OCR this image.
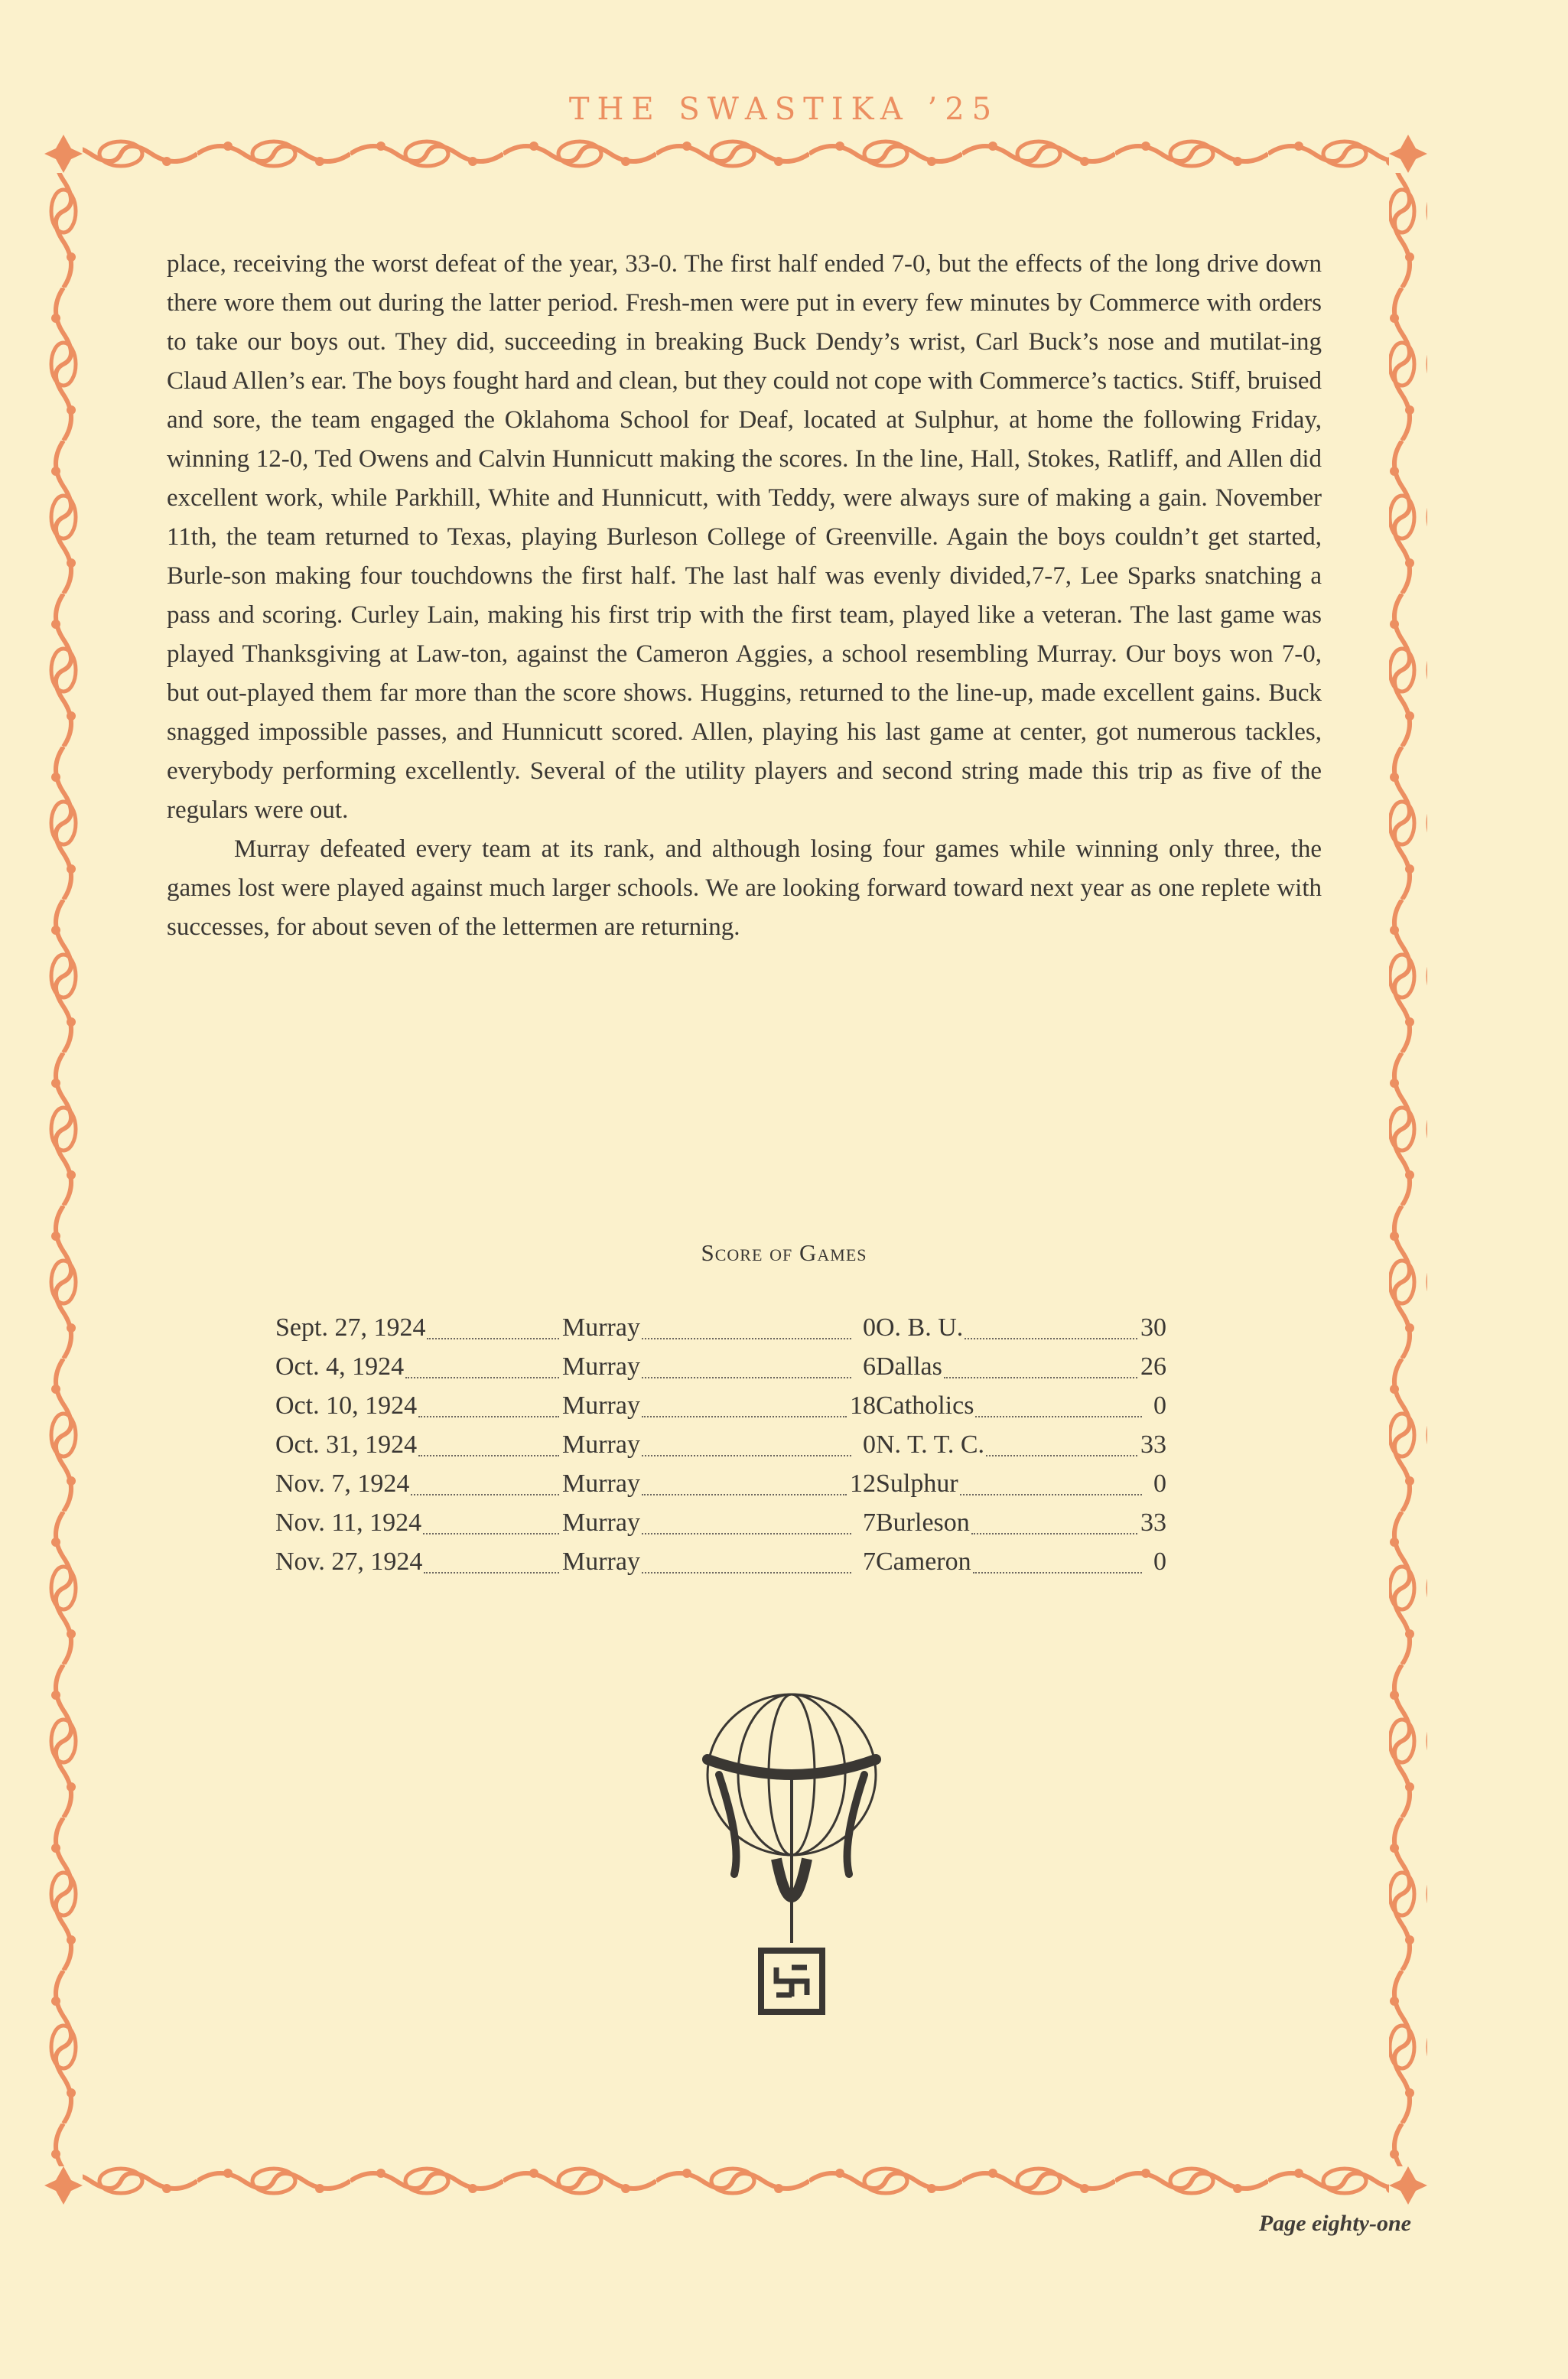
THE SWASTIKA ’25

place, receiving the worst defeat of the year, 33-0. The first half ended 7-0, but the effects of the long drive down there wore them out during the latter period. Fresh-men were put in every few minutes by Commerce with orders to take our boys out. They did, succeeding in breaking Buck Dendy’s wrist, Carl Buck’s nose and mutilat-ing Claud Allen’s ear. The boys fought hard and clean, but they could not cope with Commerce’s tactics. Stiff, bruised and sore, the team engaged the Oklahoma School for Deaf, located at Sulphur, at home the following Friday, winning 12-0, Ted Owens and Calvin Hunnicutt making the scores. In the line, Hall, Stokes, Ratliff, and Allen did excellent work, while Parkhill, White and Hunnicutt, with Teddy, were always sure of making a gain. November 11th, the team returned to Texas, playing Burleson College of Greenville. Again the boys couldn’t get started, Burle-son making four touchdowns the first half. The last half was evenly divided,7-7, Lee Sparks snatching a pass and scoring. Curley Lain, making his first trip with the first team, played like a veteran. The last game was played Thanksgiving at Law-ton, against the Cameron Aggies, a school resembling Murray. Our boys won 7-0, but out-played them far more than the score shows. Huggins, returned to the line-up, made excellent gains. Buck snagged impossible passes, and Hunnicutt scored. Allen, playing his last game at center, got numerous tackles, everybody performing excellently. Several of the utility players and second string made this trip as five of the regulars were out.

Murray defeated every team at its rank, and although losing four games while winning only three, the games lost were played against much larger schools. We are looking forward toward next year as one replete with successes, for about seven of the lettermen are returning.

Score of Games
Sept. 27, 1924	Murray	0 O. B. U.	30
Oct. 4, 1924	Murray	6 Dallas	26
Oct. 10, 1924	Murray	18 Catholics	0
Oct. 31, 1924	Murray	0 N. T. T. C.	33
Nov. 7, 1924	Murray	12 Sulphur	0
Nov. 11, 1924	Murray	7 Burleson	33
Nov. 27, 1924	Murray	7 Cameron	0
Page eighty-one
